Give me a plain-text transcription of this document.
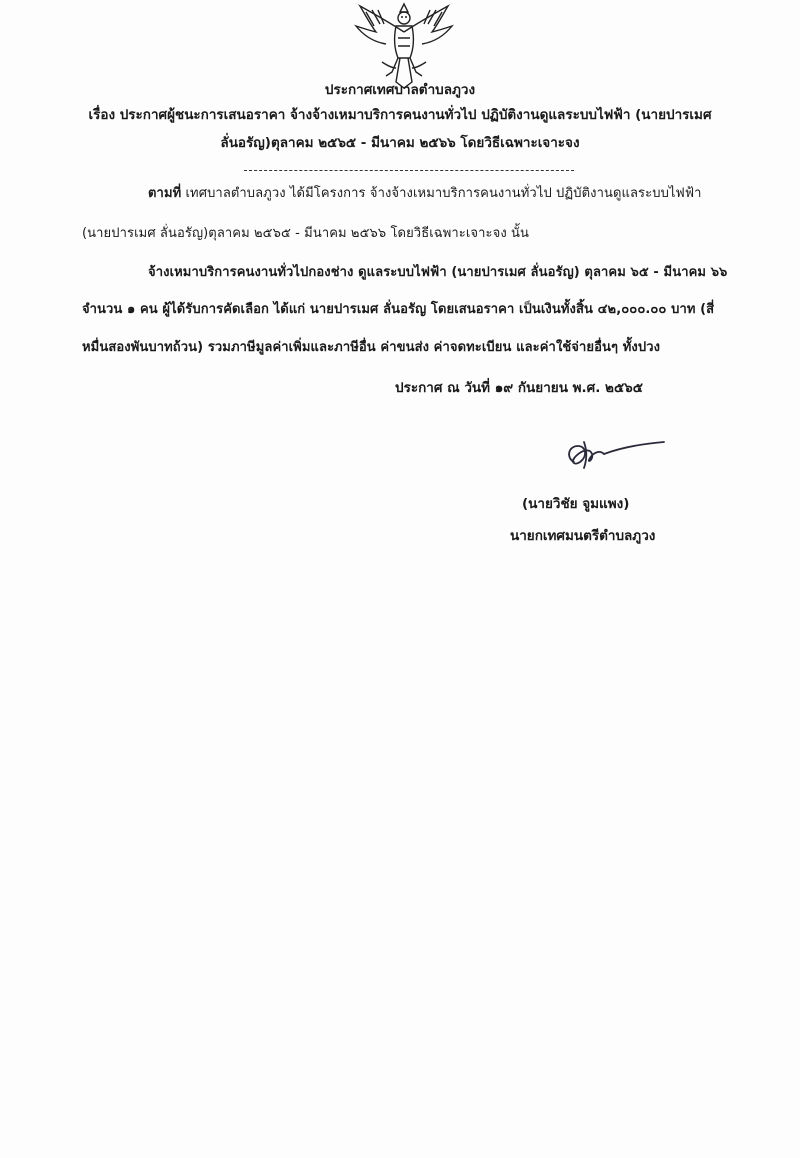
ประกาศเทศบาลตำบลภูวง
เรื่อง ประกาศผู้ชนะการเสนอราคา จ้างจ้างเหมาบริการคนงานทั่วไป ปฏิบัติงานดูแลระบบไฟฟ้า (นายปารเมศ
ลั่นอรัญ)ตุลาคม ๒๕๖๕ - มีนาคม ๒๕๖๖ โดยวิธีเฉพาะเจาะจง
ตามที่ เทศบาลตำบลภูวง ได้มีโครงการ จ้างจ้างเหมาบริการคนงานทั่วไป ปฏิบัติงานดูแลระบบไฟฟ้า
(นายปารเมศ ลั่นอรัญ)ตุลาคม ๒๕๖๕ - มีนาคม ๒๕๖๖ โดยวิธีเฉพาะเจาะจง นั้น
จ้างเหมาบริการคนงานทั่วไปกองช่าง ดูแลระบบไฟฟ้า (นายปารเมศ ลั่นอรัญ) ตุลาคม ๖๕ - มีนาคม ๖๖
จำนวน ๑ คน ผู้ได้รับการคัดเลือก ได้แก่ นายปารเมศ ลั่นอรัญ โดยเสนอราคา เป็นเงินทั้งสิ้น ๔๒,๐๐๐.๐๐ บาท (สี่
หมื่นสองพันบาทถ้วน) รวมภาษีมูลค่าเพิ่มและภาษีอื่น ค่าขนส่ง ค่าจดทะเบียน และค่าใช้จ่ายอื่นๆ ทั้งปวง
ประกาศ ณ วันที่ ๑๙ กันยายน พ.ศ. ๒๕๖๕
(นายวิชัย จูมแพง)
นายกเทศมนตรีตำบลภูวง
